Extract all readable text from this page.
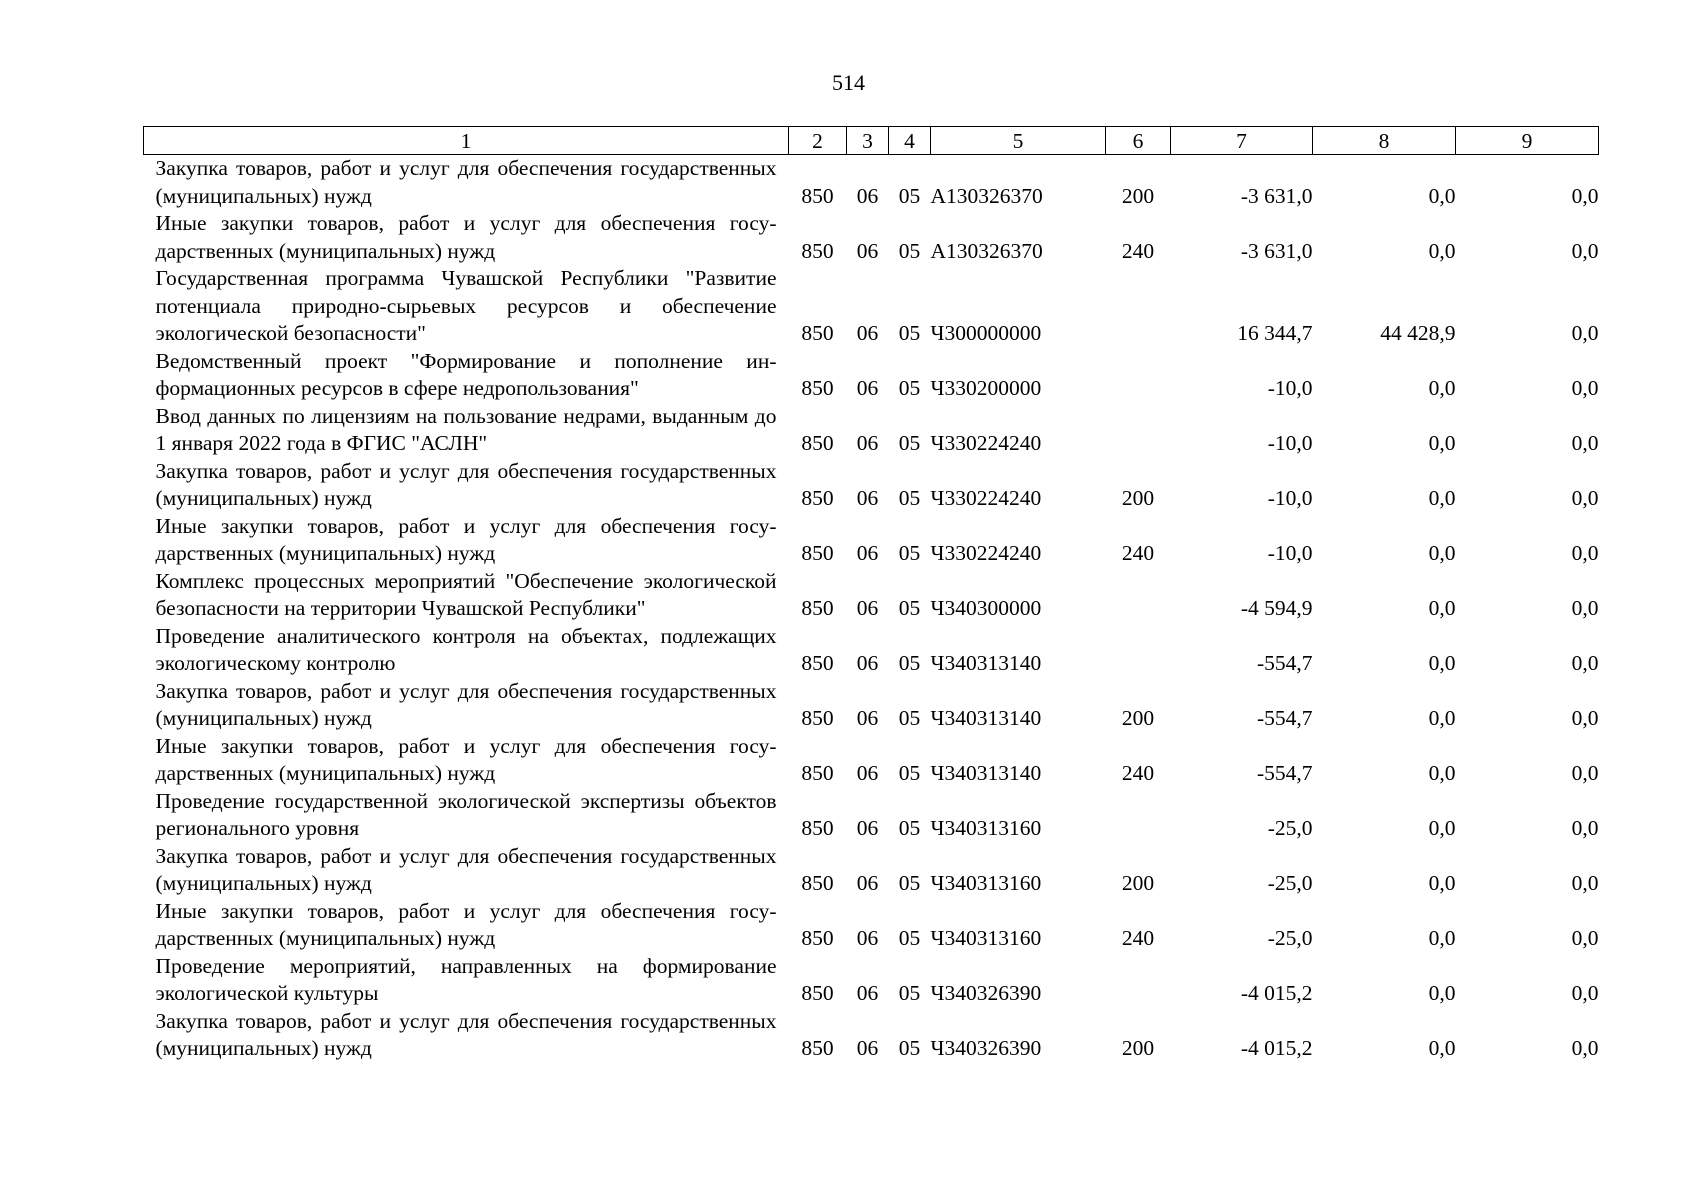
514
1	2	3	4	5	6	7	8	9
Закупка товаров, работ и услуг для обеспечения государственных (муниципальных) нужд	850	06	05	А130326370	200	-3 631,0	0,0	0,0
Иные закупки товаров, работ и услуг для обеспечения государственных (муниципальных) нужд	850	06	05	А130326370	240	-3 631,0	0,0	0,0
Государственная программа Чувашской Республики "Развитие потенциала природно-сырьевых ресурсов и обеспечение экологической безопасности"	850	06	05	Ч300000000		16 344,7	44 428,9	0,0
Ведомственный проект "Формирование и пополнение информационных ресурсов в сфере недропользования"	850	06	05	Ч330200000		-10,0	0,0	0,0
Ввод данных по лицензиям на пользование недрами, выданным до 1 января 2022 года в ФГИС "АСЛН"	850	06	05	Ч330224240		-10,0	0,0	0,0
Закупка товаров, работ и услуг для обеспечения государственных (муниципальных) нужд	850	06	05	Ч330224240	200	-10,0	0,0	0,0
Иные закупки товаров, работ и услуг для обеспечения государственных (муниципальных) нужд	850	06	05	Ч330224240	240	-10,0	0,0	0,0
Комплекс процессных мероприятий "Обеспечение экологической безопасности на территории Чувашской Республики"	850	06	05	Ч340300000		-4 594,9	0,0	0,0
Проведение аналитического контроля на объектах, подлежащих экологическому контролю	850	06	05	Ч340313140		-554,7	0,0	0,0
Закупка товаров, работ и услуг для обеспечения государственных (муниципальных) нужд	850	06	05	Ч340313140	200	-554,7	0,0	0,0
Иные закупки товаров, работ и услуг для обеспечения государственных (муниципальных) нужд	850	06	05	Ч340313140	240	-554,7	0,0	0,0
Проведение государственной экологической экспертизы объектов регионального уровня	850	06	05	Ч340313160		-25,0	0,0	0,0
Закупка товаров, работ и услуг для обеспечения государственных (муниципальных) нужд	850	06	05	Ч340313160	200	-25,0	0,0	0,0
Иные закупки товаров, работ и услуг для обеспечения государственных (муниципальных) нужд	850	06	05	Ч340313160	240	-25,0	0,0	0,0
Проведение мероприятий, направленных на формирование экологической культуры	850	06	05	Ч340326390		-4 015,2	0,0	0,0
Закупка товаров, работ и услуг для обеспечения государственных (муниципальных) нужд	850	06	05	Ч340326390	200	-4 015,2	0,0	0,0
